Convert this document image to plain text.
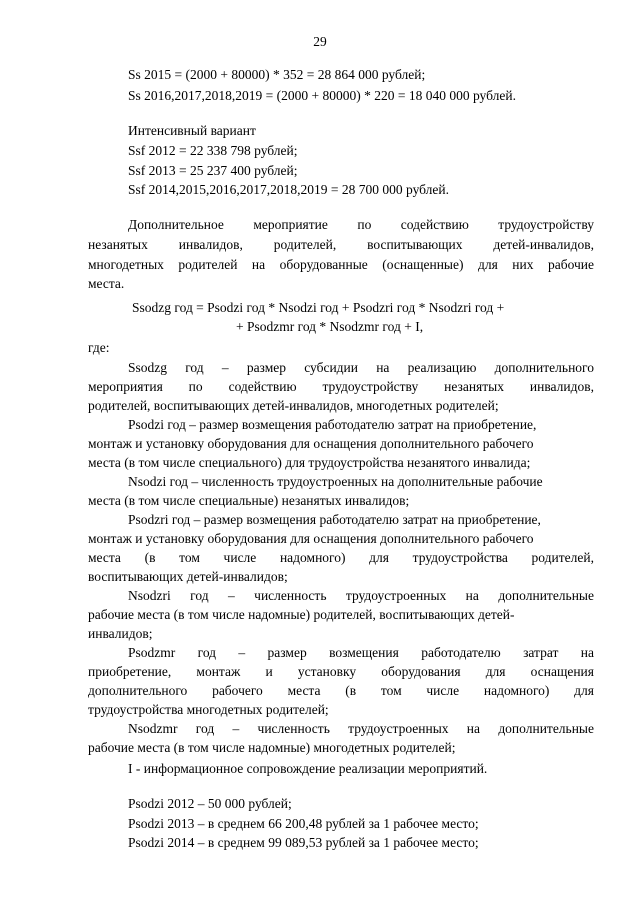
29
Ss 2015 = (2000 + 80000) * 352 = 28 864 000 рублей;
Ss 2016,2017,2018,2019 = (2000 + 80000) * 220 = 18 040 000 рублей.
Интенсивный вариант
Ssf 2012 = 22 338 798 рублей;
Ssf 2013 = 25 237 400 рублей;
Ssf 2014,2015,2016,2017,2018,2019 = 28 700 000 рублей.
Дополнительное мероприятие по содействию трудоустройству
незанятых инвалидов, родителей, воспитывающих детей-инвалидов,
многодетных родителей на оборудованные (оснащенные) для них рабочие
места.
Ssodzg год = Psodzi год * Nsodzi год + Psodzri год * Nsodzri год +
+ Psodzmr год * Nsodzmr год + I,
где:
Ssodzg год – размер субсидии на реализацию дополнительного
мероприятия по содействию трудоустройству незанятых инвалидов,
родителей, воспитывающих детей-инвалидов, многодетных родителей;
Psodzi год – размер возмещения работодателю затрат на приобретение,
монтаж и установку оборудования для оснащения дополнительного рабочего
места (в том числе специального) для трудоустройства незанятого инвалида;
Nsodzi год – численность трудоустроенных на дополнительные рабочие
места (в том числе специальные) незанятых инвалидов;
Psodzri год – размер возмещения работодателю затрат на приобретение,
монтаж и установку оборудования для оснащения дополнительного рабочего
места (в том числе надомного) для трудоустройства родителей,
воспитывающих детей-инвалидов;
Nsodzri год – численность трудоустроенных на дополнительные
рабочие места (в том числе надомные) родителей, воспитывающих детей-
инвалидов;
Psodzmr год – размер возмещения работодателю затрат на
приобретение, монтаж и установку оборудования для оснащения
дополнительного рабочего места (в том числе надомного) для
трудоустройства многодетных родителей;
Nsodzmr год – численность трудоустроенных на дополнительные
рабочие места (в том числе надомные) многодетных родителей;
I - информационное сопровождение реализации мероприятий.
Psodzi 2012 – 50 000 рублей;
Psodzi 2013 – в среднем 66 200,48 рублей за 1 рабочее место;
Psodzi 2014 – в среднем 99 089,53 рублей за 1 рабочее место;
